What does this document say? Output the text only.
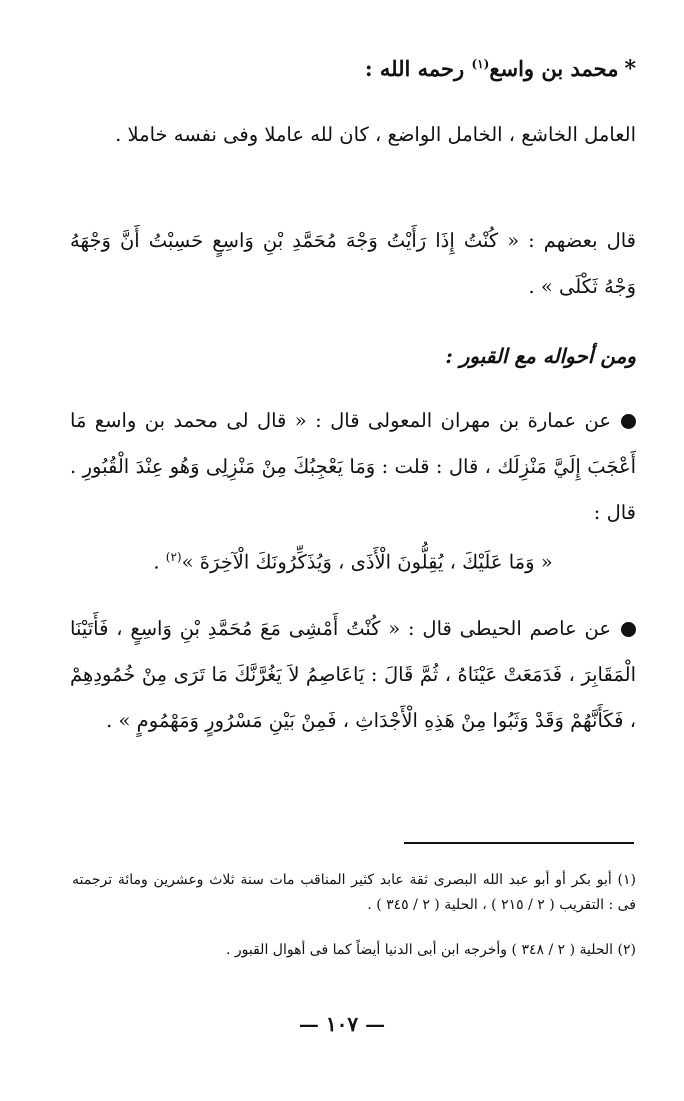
*محمد بن واسع$^{(١)}$ رحمه الله :
العامل الخاشع ، الخامل الواضع ، كان لله عاملا وفى نفسه خاملا .
قال بعضهم : « كُنْتُ إِذَا رَأَيْتُ وَجْهَ مُحَمَّدِ بْنِ وَاسِعٍ حَسِبْتُ أَنَّ وَجْهَهُ وَجْهُ ثَكْلَى » .
ومن أحواله مع القبور :
عن عمارة بن مهران المعولى قال : « قال لى محمد بن واسع مَا أَعْجَبَ إِلَيَّ مَنْزِلَك ، قال : قلت : وَمَا يَعْجِبُكَ مِنْ مَنْزِلِى وَهُو عِنْدَ الْقُبُورِ . قال :
« وَمَا عَلَيْكَ ، يُقِلُّونَ الْأَذَى ، وَيُذَكِّرُونَكَ الْآخِرَةَ »$^{(٢)}$ .
عن عاصم الحيطى قال : « كُنْتُ أَمْشِى مَعَ مُحَمَّدِ بْنِ وَاسِعٍ ، فَأَتَيْنَا الْمَقَابِرَ ، فَدَمَعَتْ عَيْنَاهُ ، ثُمَّ قَالَ : يَاعَاصِمُ لاَ يَغُرَّنَّكَ مَا تَرَى مِنْ خُمُودِهِمْ ، فَكَأَنَّهُمْ وَقَدْ وَثَبُوا مِنْ هَذِهِ الْأَجْدَاثِ ، فَمِنْ بَيْنِ مَسْرُورٍ وَمَهْمُومٍ » .
(١) أبو بكر أو أبو عبد الله البصرى ثقة عابد كثير المناقب مات سنة ثلاث وعشرين ومائة ترجمته فى : التقريب ( ٢ / ٢١٥ ) ، الحلية ( ٢ / ٣٤٥ ) .
(٢) الحلية ( ٢ / ٣٤٨ ) وأخرجه ابن أبى الدنيا أيضاً كما فى أهوال القبور .
— ١٠٧ —
